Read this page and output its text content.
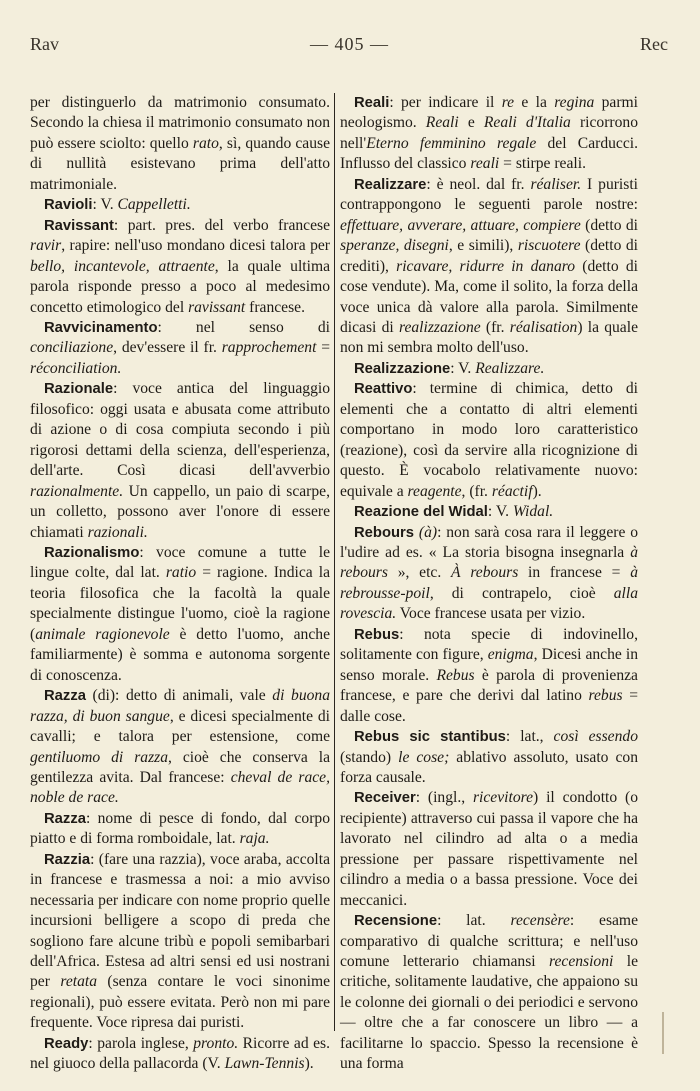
Rav	— 405 —	Rec

per distinguerlo da matrimonio consumato. Secondo la chiesa il matrimonio consumato non può essere sciolto: quello rato, sì, quando cause di nullità esistevano prima dell'atto matrimoniale.

Ravioli: V. Cappelletti.

Ravissant: part. pres. del verbo francese ravir, rapire: nell'uso mondano dicesi talora per bello, incantevole, attraente, la quale ultima parola risponde presso a poco al medesimo concetto etimologico del ravissant francese.

Ravvicinamento: nel senso di conciliazione, dev'essere il fr. rapprochement = réconciliation.

Razionale: voce antica del linguaggio filosofico: oggi usata e abusata come attributo di azione o di cosa compiuta secondo i più rigorosi dettami della scienza, dell'esperienza, dell'arte. Così dicasi dell'avverbio razionalmente. Un cappello, un paio di scarpe, un colletto, possono aver l'onore di essere chiamati razionali.

Razionalismo: voce comune a tutte le lingue colte, dal lat. ratio = ragione. Indica la teoria filosofica che la facoltà la quale specialmente distingue l'uomo, cioè la ragione (animale ragionevole è detto l'uomo, anche familiarmente) è somma e autonoma sorgente di conoscenza.

Razza (di): detto di animali, vale di buona razza, di buon sangue, e dicesi specialmente di cavalli; e talora per estensione, come gentiluomo di razza, cioè che conserva la gentilezza avita. Dal francese: cheval de race, noble de race.

Razza: nome di pesce di fondo, dal corpo piatto e di forma romboidale, lat. raja.

Razzia: (fare una razzia), voce araba, accolta in francese e trasmessa a noi: a mio avviso necessaria per indicare con nome proprio quelle incursioni belligere a scopo di preda che sogliono fare alcune tribù e popoli semibarbari dell'Africa. Estesa ad altri sensi ed usi nostrani per retata (senza contare le voci sinonime regionali), può essere evitata. Però non mi pare frequente. Voce ripresa dai puristi.

Ready: parola inglese, pronto. Ricorre ad es. nel giuoco della pallacorda (V. Lawn-Tennis).

Reali: per indicare il re e la regina parmi neologismo. Reali e Reali d'Italia ricorrono nell'Eterno femminino regale del Carducci. Influsso del classico reali = stirpe reali.

Realizzare: è neol. dal fr. réaliser. I puristi contrappongono le seguenti parole nostre: effettuare, avverare, attuare, compiere (detto di speranze, disegni, e simili), riscuotere (detto di crediti), ricavare, ridurre in danaro (detto di cose vendute). Ma, come il solito, la forza della voce unica dà valore alla parola. Similmente dicasi di realizzazione (fr. réalisation) la quale non mi sembra molto dell'uso.

Realizzazione: V. Realizzare.

Reattivo: termine di chimica, detto di elementi che a contatto di altri elementi comportano in modo loro caratteristico (reazione), così da servire alla ricognizione di questo. È vocabolo relativamente nuovo: equivale a reagente, (fr. réactif).

Reazione del Widal: V. Widal.

Rebours (à): non sarà cosa rara il leggere o l'udire ad es. « La storia bisogna insegnarla à rebours », etc. À rebours in francese = à rebrousse-poil, di contrapelo, cioè alla rovescia. Voce francese usata per vizio.

Rebus: nota specie di indovinello, solitamente con figure, enigma, Dicesi anche in senso morale. Rebus è parola di provenienza francese, e pare che derivi dal latino rebus = dalle cose.

Rebus sic stantibus: lat., così essendo (stando) le cose; ablativo assoluto, usato con forza causale.

Receiver: (ingl., ricevitore) il condotto (o recipiente) attraverso cui passa il vapore che ha lavorato nel cilindro ad alta o a media pressione per passare rispettivamente nel cilindro a media o a bassa pressione. Voce dei meccanici.

Recensione: lat. recensère: esame comparativo di qualche scrittura; e nell'uso comune letterario chiamansi recensioni le critiche, solitamente laudative, che appaiono su le colonne dei giornali o dei periodici e servono — oltre che a far conoscere un libro — a facilitarne lo spaccio. Spesso la recensione è una forma
